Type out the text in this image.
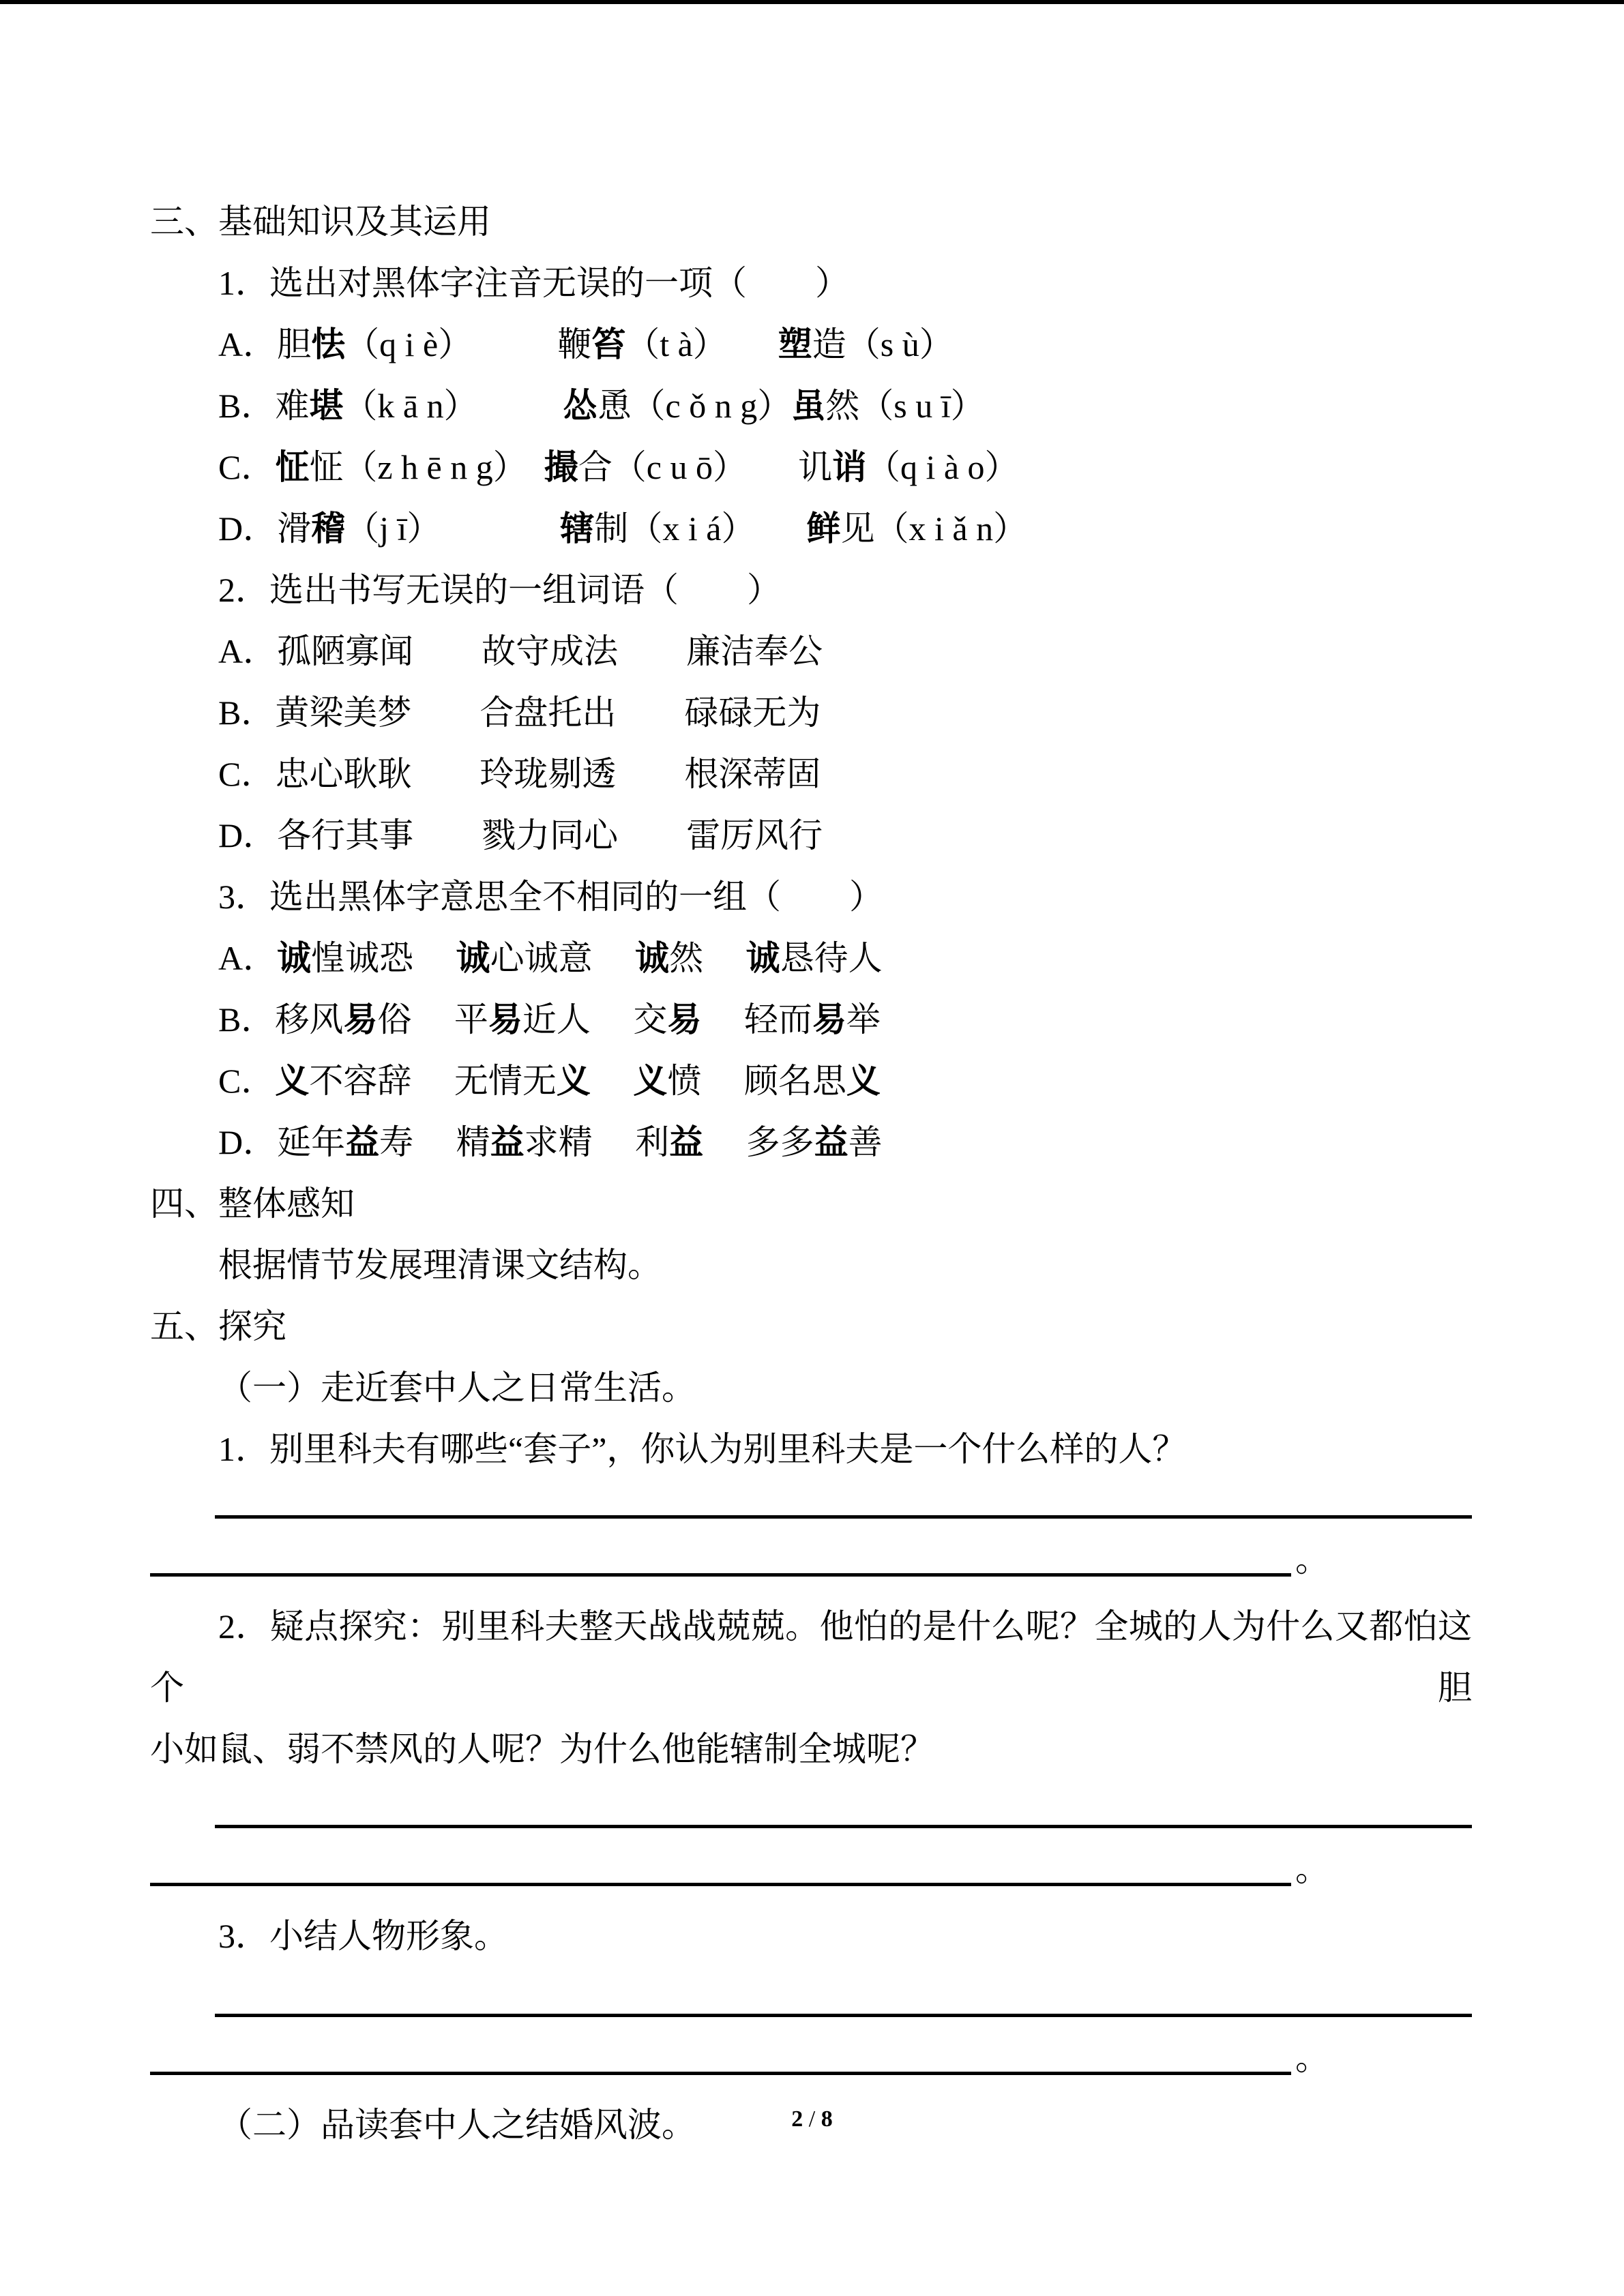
三、基础知识及其运用

1．选出对黑体字注音无误的一项（　　）

A．胆怯（q i è）　　　鞭笞（t à）　　塑造（s ù）

B．难堪（k ā n）　　　怂恿（c ǒ n g）虽然（s u ī）

C．怔怔（z h ē n g）　撮合（c u ō）　　讥诮（q i à o）

D．滑稽（j ī）　　　　辖制（x i á）　　鲜见（x i ǎ n）

2．选出书写无误的一组词语（　　）

A．孤陋寡闻　　故守成法　　廉洁奉公

B．黄梁美梦　　合盘托出　　碌碌无为

C．忠心耿耿　　玲珑剔透　　根深蒂固

D．各行其事　　戮力同心　　雷厉风行

3．选出黑体字意思全不相同的一组（　　）

A．诚惶诚恐　 诚心诚意　 诚然　 诚恳待人

B．移风易俗　 平易近人　 交易　 轻而易举

C．义不容辞　 无情无义　 义愤　 顾名思义

D．延年益寿　 精益求精　 利益　 多多益善

四、整体感知

根据情节发展理清课文结构。

五、探究

（一）走近套中人之日常生活。

1．别里科夫有哪些“套子”，你认为别里科夫是一个什么样的人？

。

2．疑点探究：别里科夫整天战战兢兢。他怕的是什么呢？全城的人为什么又都怕这个胆

小如鼠、弱不禁风的人呢？为什么他能辖制全城呢？

。

3．小结人物形象。

。

（二）品读套中人之结婚风波。	2 / 8
